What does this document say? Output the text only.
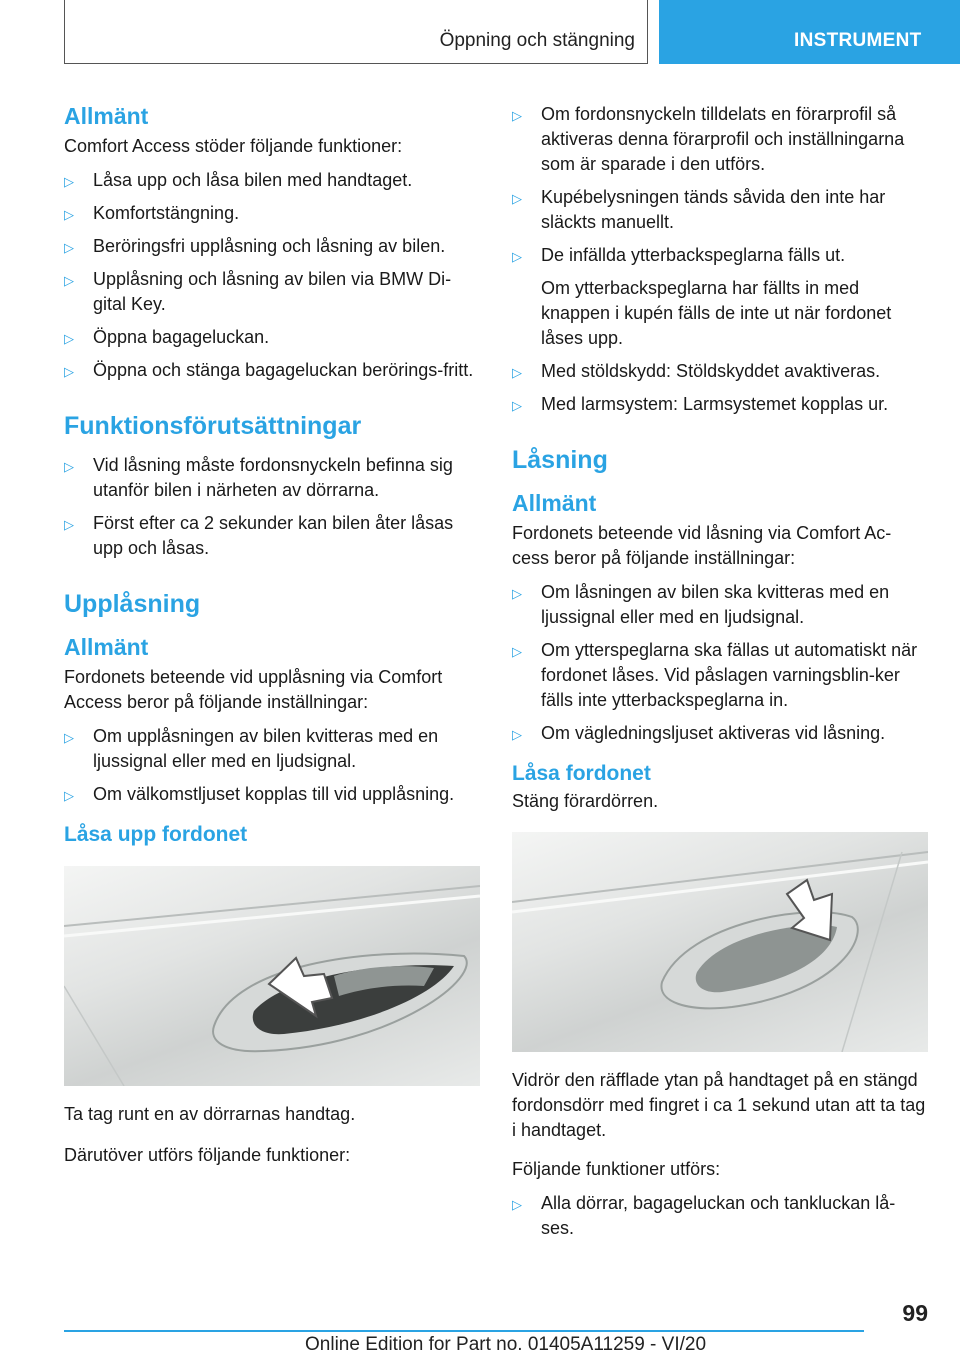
Öppning och stängning	INSTRUMENT
Allmänt

Comfort Access stöder följande funktioner:

▷ Låsa upp och låsa bilen med handtaget.
▷ Komfortstängning.
▷ Beröringsfri upplåsning och låsning av bilen.
▷ Upplåsning och låsning av bilen via BMW Di-gital Key.
▷ Öppna bagageluckan.
▷ Öppna och stänga bagageluckan berörings-fritt.
Funktionsförutsättningar
▷ Vid låsning måste fordonsnyckeln befinna sig utanför bilen i närheten av dörrarna.
▷ Först efter ca 2 sekunder kan bilen åter låsas upp och låsas.
Upplåsning
Allmänt

Fordonets beteende vid upplåsning via Comfort Access beror på följande inställningar:

▷ Om upplåsningen av bilen kvitteras med en ljussignal eller med en ljudsignal.
▷ Om välkomstljuset kopplas till vid upplåsning.
Låsa upp fordonet

Ta tag runt en av dörrarnas handtag.

Därutöver utförs följande funktioner:

▷ Om fordonsnyckeln tilldelats en förarprofil så aktiveras denna förarprofil och inställningarna som är sparade i den utförs.
▷ Kupébelysningen tänds såvida den inte har släckts manuellt.
▷ De infällda ytterbackspeglarna fälls ut.

Om ytterbackspeglarna har fällts in med knappen i kupén fälls de inte ut när fordonet låses upp.

▷ Med stöldskydd: Stöldskyddet avaktiveras.
▷ Med larmsystem: Larmsystemet kopplas ur.
Låsning
Allmänt

Fordonets beteende vid låsning via Comfort Ac-cess beror på följande inställningar:

▷ Om låsningen av bilen ska kvitteras med en ljussignal eller med en ljudsignal.
▷ Om ytterspeglarna ska fällas ut automatiskt när fordonet låses. Vid påslagen varningsblin-ker fälls inte ytterbackspeglarna in.
▷ Om vägledningsljuset aktiveras vid låsning.
Låsa fordonet

Stäng förardörren.

Vidrör den räfflade ytan på handtaget på en stängd fordonsdörr med fingret i ca 1 sekund utan att ta tag i handtaget.

Följande funktioner utförs:

▷ Alla dörrar, bagageluckan och tankluckan lå-ses.
99
Online Edition for Part no. 01405A11259 - VI/20
